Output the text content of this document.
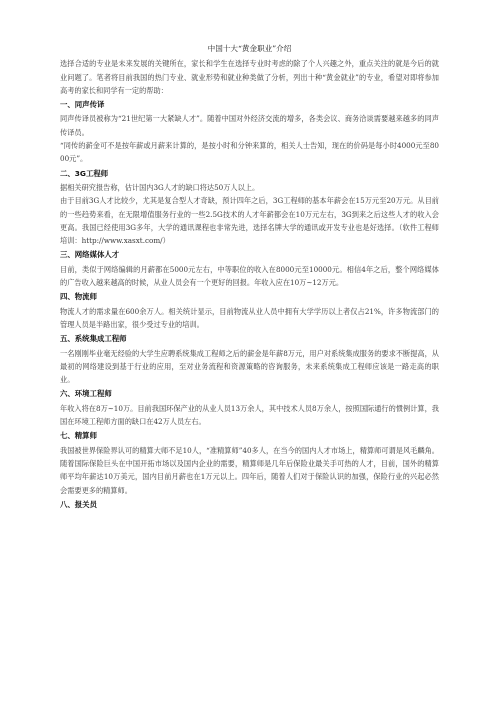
中国十大“黄金职业”介绍

选择合适的专业是未来发展的关键所在，家长和学生在选择专业时考虑的除了个人兴趣之外，重点关注的就是今后的就业问题了。笔者将目前我国的热门专业、就业形势和就业种类做了分析，列出十种“黄金就业”的专业，希望对即将参加高考的家长和同学有一定的帮助：

一、同声传译

同声传译员被称为“21世纪第一大紧缺人才”。随着中国对外经济交流的增多，各类会议、商务洽谈需要越来越多的同声传译员。

“同传的薪金可不是按年薪或月薪来计算的，是按小时和分钟来算的，相关人士告知，现在的价码是每小时4000元至8000元”。

二、3G工程师

据相关研究报告称，估计国内3G人才的缺口将达50万人以上。

由于目前3G人才比较少，尤其是复合型人才奇缺，预计四年之后，3G工程师的基本年薪会在15万元至20万元。从目前的一些趋势来看，在无限增值服务行业的一些2.5G技术的人才年薪都会在10万元左右，3G到来之后这些人才的收入会更高。我国已经使用3G多年，大学的通讯课程也非常先进，选择名牌大学的通讯或开发专业也是好选择。（软件工程师培训：http://www.xasxt.com/）

三、网络媒体人才

目前，类似于网络编辑的月薪都在5000元左右，中等职位的收入在8000元至10000元。相信4年之后，整个网络媒体的广告收入越来越高的时候，从业人员会有一个更好的回报。年收入应在10万~12万元。

四、物流师

物流人才的需求量在600余万人。相关统计显示，目前物流从业人员中拥有大学学历以上者仅占21%，许多物流部门的管理人员是半路出家，很少受过专业的培训。

五、系统集成工程师

一名刚刚毕业毫无经验的大学生应聘系统集成工程师之后的薪金是年薪8万元，用户对系统集成服务的要求不断提高，从最初的网络建设到基于行业的应用，至对业务流程和资源策略的咨询服务，未来系统集成工程师应该是一路走高的职业。

六、环境工程师

年收入将在8万~10万。目前我国环保产业的从业人员13万余人，其中技术人员8万余人，按照国际通行的惯例计算，我国在环境工程师方面的缺口在42万人员左右。

七、精算师

我国被世界保险界认可的精算大师不足10人，“准精算师”40多人，在当今的国内人才市场上，精算师可谓是风毛麟角。随着国际保险巨头在中国开拓市场以及国内企业的需要，精算师是几年后保险业最关手可热的人才，目前，国外的精算师平均年薪达10万美元，国内目前月薪也在1万元以上。四年后，随着人们对于保险认识的加强，保险行业的兴起必然会需要更多的精算师。

八、报关员
